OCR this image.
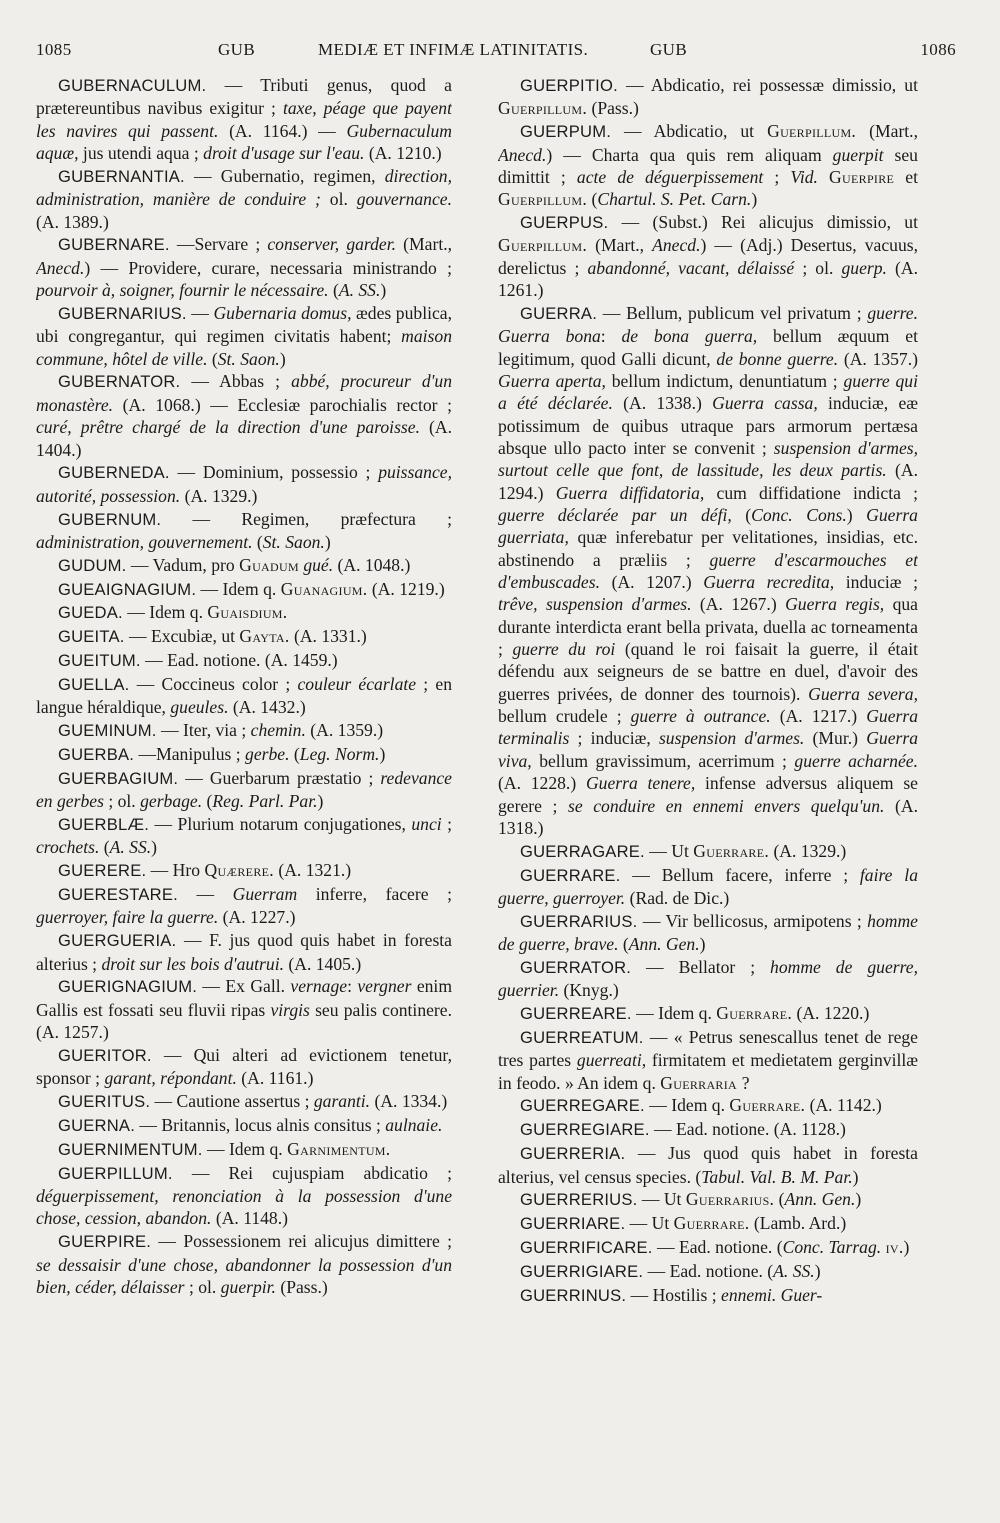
1085	GUB	MEDIÆ ET INFIMÆ LATINITATIS.	GUB	1086

GUBERNACULUM. — Tributi genus, quod a prætereuntibus navibus exigitur ; taxe, péage que payent les navires qui passent. (A. 1164.) — Gubernaculum aquæ, jus utendi aqua ; droit d'usage sur l'eau. (A. 1210.)

GUBERNANTIA. — Gubernatio, regimen, direction, administration, manière de conduire ; ol. gouvernance. (A. 1389.)

GUBERNARE. —Servare ; conserver, garder. (Mart., Anecd.) — Providere, curare, necessaria ministrando ; pourvoir à, soigner, fournir le nécessaire. (A. SS.)

GUBERNARIUS. — Gubernaria domus, ædes publica, ubi congregantur, qui regimen civitatis habent; maison commune, hôtel de ville. (St. Saon.)

GUBERNATOR. — Abbas ; abbé, procureur d'un monastère. (A. 1068.) — Ecclesiæ parochialis rector ; curé, prêtre chargé de la direction d'une paroisse. (A. 1404.)

GUBERNEDA. — Dominium, possessio ; puissance, autorité, possession. (A. 1329.)

GUBERNUM. — Regimen, præfectura ; administration, gouvernement. (St. Saon.)

GUDUM. — Vadum, pro Guadum gué. (A. 1048.)

GUEAIGNAGIUM. — Idem q. Guanagium. (A. 1219.)

GUEDA. — Idem q. Guaisdium.

GUEITA. — Excubiæ, ut Gayta. (A. 1331.)

GUEITUM. — Ead. notione. (A. 1459.)

GUELLA. — Coccineus color ; couleur écarlate ; en langue héraldique, gueules. (A. 1432.)

GUEMINUM. — Iter, via ; chemin. (A. 1359.)

GUERBA. —Manipulus ; gerbe. (Leg. Norm.)

GUERBAGIUM. — Guerbarum præstatio ; redevance en gerbes ; ol. gerbage. (Reg. Parl. Par.)

GUERBLÆ. — Plurium notarum conjugationes, unci ; crochets. (A. SS.)

GUERERE. — Hro Quærere. (A. 1321.)

GUERESTARE. — Guerram inferre, facere ; guerroyer, faire la guerre. (A. 1227.)

GUERGUERIA. — F. jus quod quis habet in foresta alterius ; droit sur les bois d'autrui. (A. 1405.)

GUERIGNAGIUM. — Ex Gall. vernage: vergner enim Gallis est fossati seu fluvii ripas virgis seu palis continere. (A. 1257.)

GUERITOR. — Qui alteri ad evictionem tenetur, sponsor ; garant, répondant. (A. 1161.)

GUERITUS. — Cautione assertus ; garanti. (A. 1334.)

GUERNA. — Britannis, locus alnis consitus ; aulnaie.

GUERNIMENTUM. — Idem q. Garnimentum.

GUERPILLUM. — Rei cujuspiam abdicatio ; déguerpissement, renonciation à la possession d'une chose, cession, abandon. (A. 1148.)

GUERPIRE. — Possessionem rei alicujus dimittere ; se dessaisir d'une chose, abandonner la possession d'un bien, céder, délaisser ; ol. guerpir. (Pass.)

GUERPITIO. — Abdicatio, rei possessæ dimissio, ut Guerpillum. (Pass.)

GUERPUM. — Abdicatio, ut Guerpillum. (Mart., Anecd.) — Charta qua quis rem aliquam guerpit seu dimittit ; acte de déguerpissement ; Vid. Guerpire et Guerpillum. (Chartul. S. Pet. Carn.)

GUERPUS. — (Subst.) Rei alicujus dimissio, ut Guerpillum. (Mart., Anecd.) — (Adj.) Desertus, vacuus, derelictus ; abandonné, vacant, délaissé ; ol. guerp. (A. 1261.)

GUERRA. — Bellum, publicum vel privatum ; guerre. Guerra bona: de bona guerra, bellum æquum et legitimum, quod Galli dicunt, de bonne guerre. (A. 1357.) Guerra aperta, bellum indictum, denuntiatum ; guerre qui a été déclarée. (A. 1338.) Guerra cassa, induciæ, eæ potissimum de quibus utraque pars armorum pertæsa absque ullo pacto inter se convenit ; suspension d'armes, surtout celle que font, de lassitude, les deux partis. (A. 1294.) Guerra diffidatoria, cum diffidatione indicta ; guerre déclarée par un défi, (Conc. Cons.) Guerra guerriata, quæ inferebatur per velitationes, insidias, etc. abstinendo a præliis ; guerre d'escarmouches et d'embuscades. (A. 1207.) Guerra recredita, induciæ ; trêve, suspension d'armes. (A. 1267.) Guerra regis, qua durante interdicta erant bella privata, duella ac torneamenta ; guerre du roi (quand le roi faisait la guerre, il était défendu aux seigneurs de se battre en duel, d'avoir des guerres privées, de donner des tournois). Guerra severa, bellum crudele ; guerre à outrance. (A. 1217.) Guerra terminalis ; induciæ, suspension d'armes. (Mur.) Guerra viva, bellum gravissimum, acerrimum ; guerre acharnée. (A. 1228.) Guerra tenere, infense adversus aliquem se gerere ; se conduire en ennemi envers quelqu'un. (A. 1318.)

GUERRAGARE. — Ut Guerrare. (A. 1329.)

GUERRARE. — Bellum facere, inferre ; faire la guerre, guerroyer. (Rad. de Dic.)

GUERRARIUS. — Vir bellicosus, armipotens ; homme de guerre, brave. (Ann. Gen.)

GUERRATOR. — Bellator ; homme de guerre, guerrier. (Knyg.)

GUERREARE. — Idem q. Guerrare. (A. 1220.)

GUERREATUM. — « Petrus senescallus tenet de rege tres partes guerreati, firmitatem et medietatem gerginvillæ in feodo. » An idem q. Guerraria ?

GUERREGARE. — Idem q. Guerrare. (A. 1142.)

GUERREGIARE. — Ead. notione. (A. 1128.)

GUERRERIA. — Jus quod quis habet in foresta alterius, vel census species. (Tabul. Val. B. M. Par.)

GUERRERIUS. — Ut Guerrarius. (Ann. Gen.)

GUERRIARE. — Ut Guerrare. (Lamb. Ard.)

GUERRIFICARE. — Ead. notione. (Conc. Tarrag. iv.)

GUERRIGIARE. — Ead. notione. (A. SS.)

GUERRINUS. — Hostilis ; ennemi. Guer-
